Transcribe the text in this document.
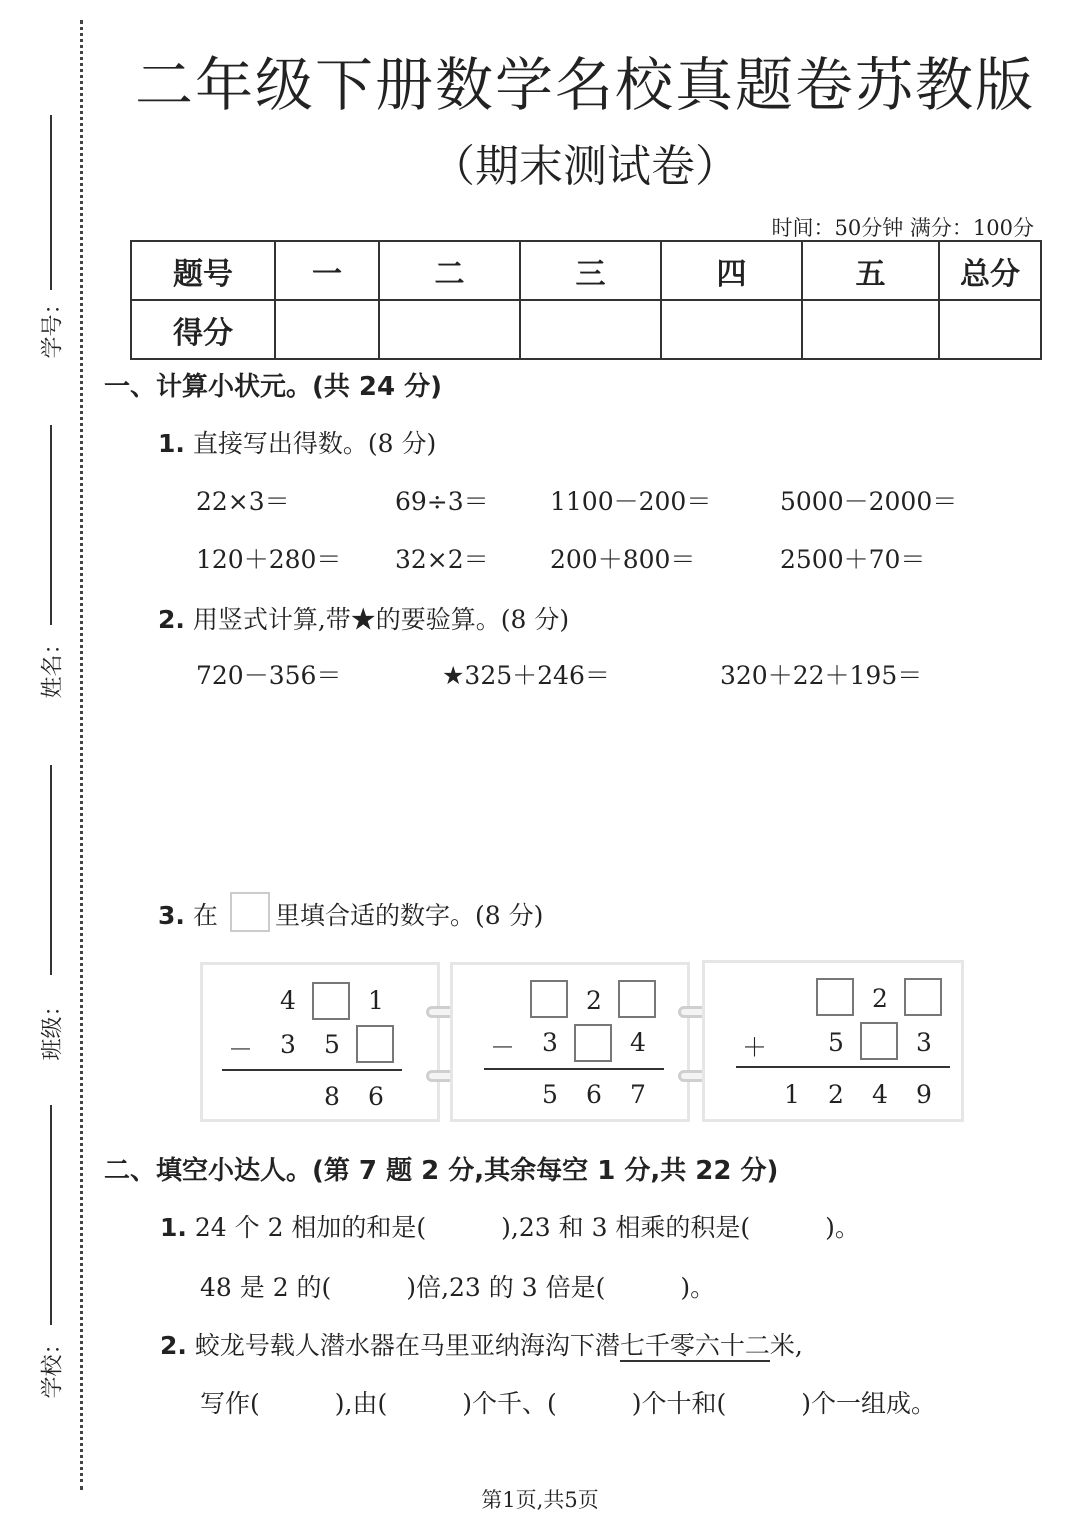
学号：
姓名：
班级：
学校：
二年级下册数学名校真题卷苏教版
（期末测试卷）
时间：50分钟 满分：100分
题号	一	二	三	四	五	总分
得分						
一、计算小状元。(共 24 分)
1. 直接写出得数。(8 分)
22×3＝	69÷3＝ 1100－200＝	5000－2000＝
120＋280＝ 32×2＝ 200＋800＝	2500＋70＝
2. 用竖式计算,带★的要验算。(8 分)
720－356＝	★325＋246＝	320＋22＋195＝
3. 在 里填合适的数字。(8 分)
4	1
－ 3 5
8 6
2
－ 3	4
5 6 7
2
＋ 5	3
1 2 4 9
二、填空小达人。(第 7 题 2 分,其余每空 1 分,共 22 分)
1. 24 个 2 相加的和是(　　　),23 和 3 相乘的积是(　　　)。
48 是 2 的(　　　)倍,23 的 3 倍是(　　　)。
2. 蛟龙号载人潜水器在马里亚纳海沟下潜七千零六十二米,
写作(　　　),由(　　　)个千、(　　　)个十和(　　　)个一组成。
第1页,共5页
